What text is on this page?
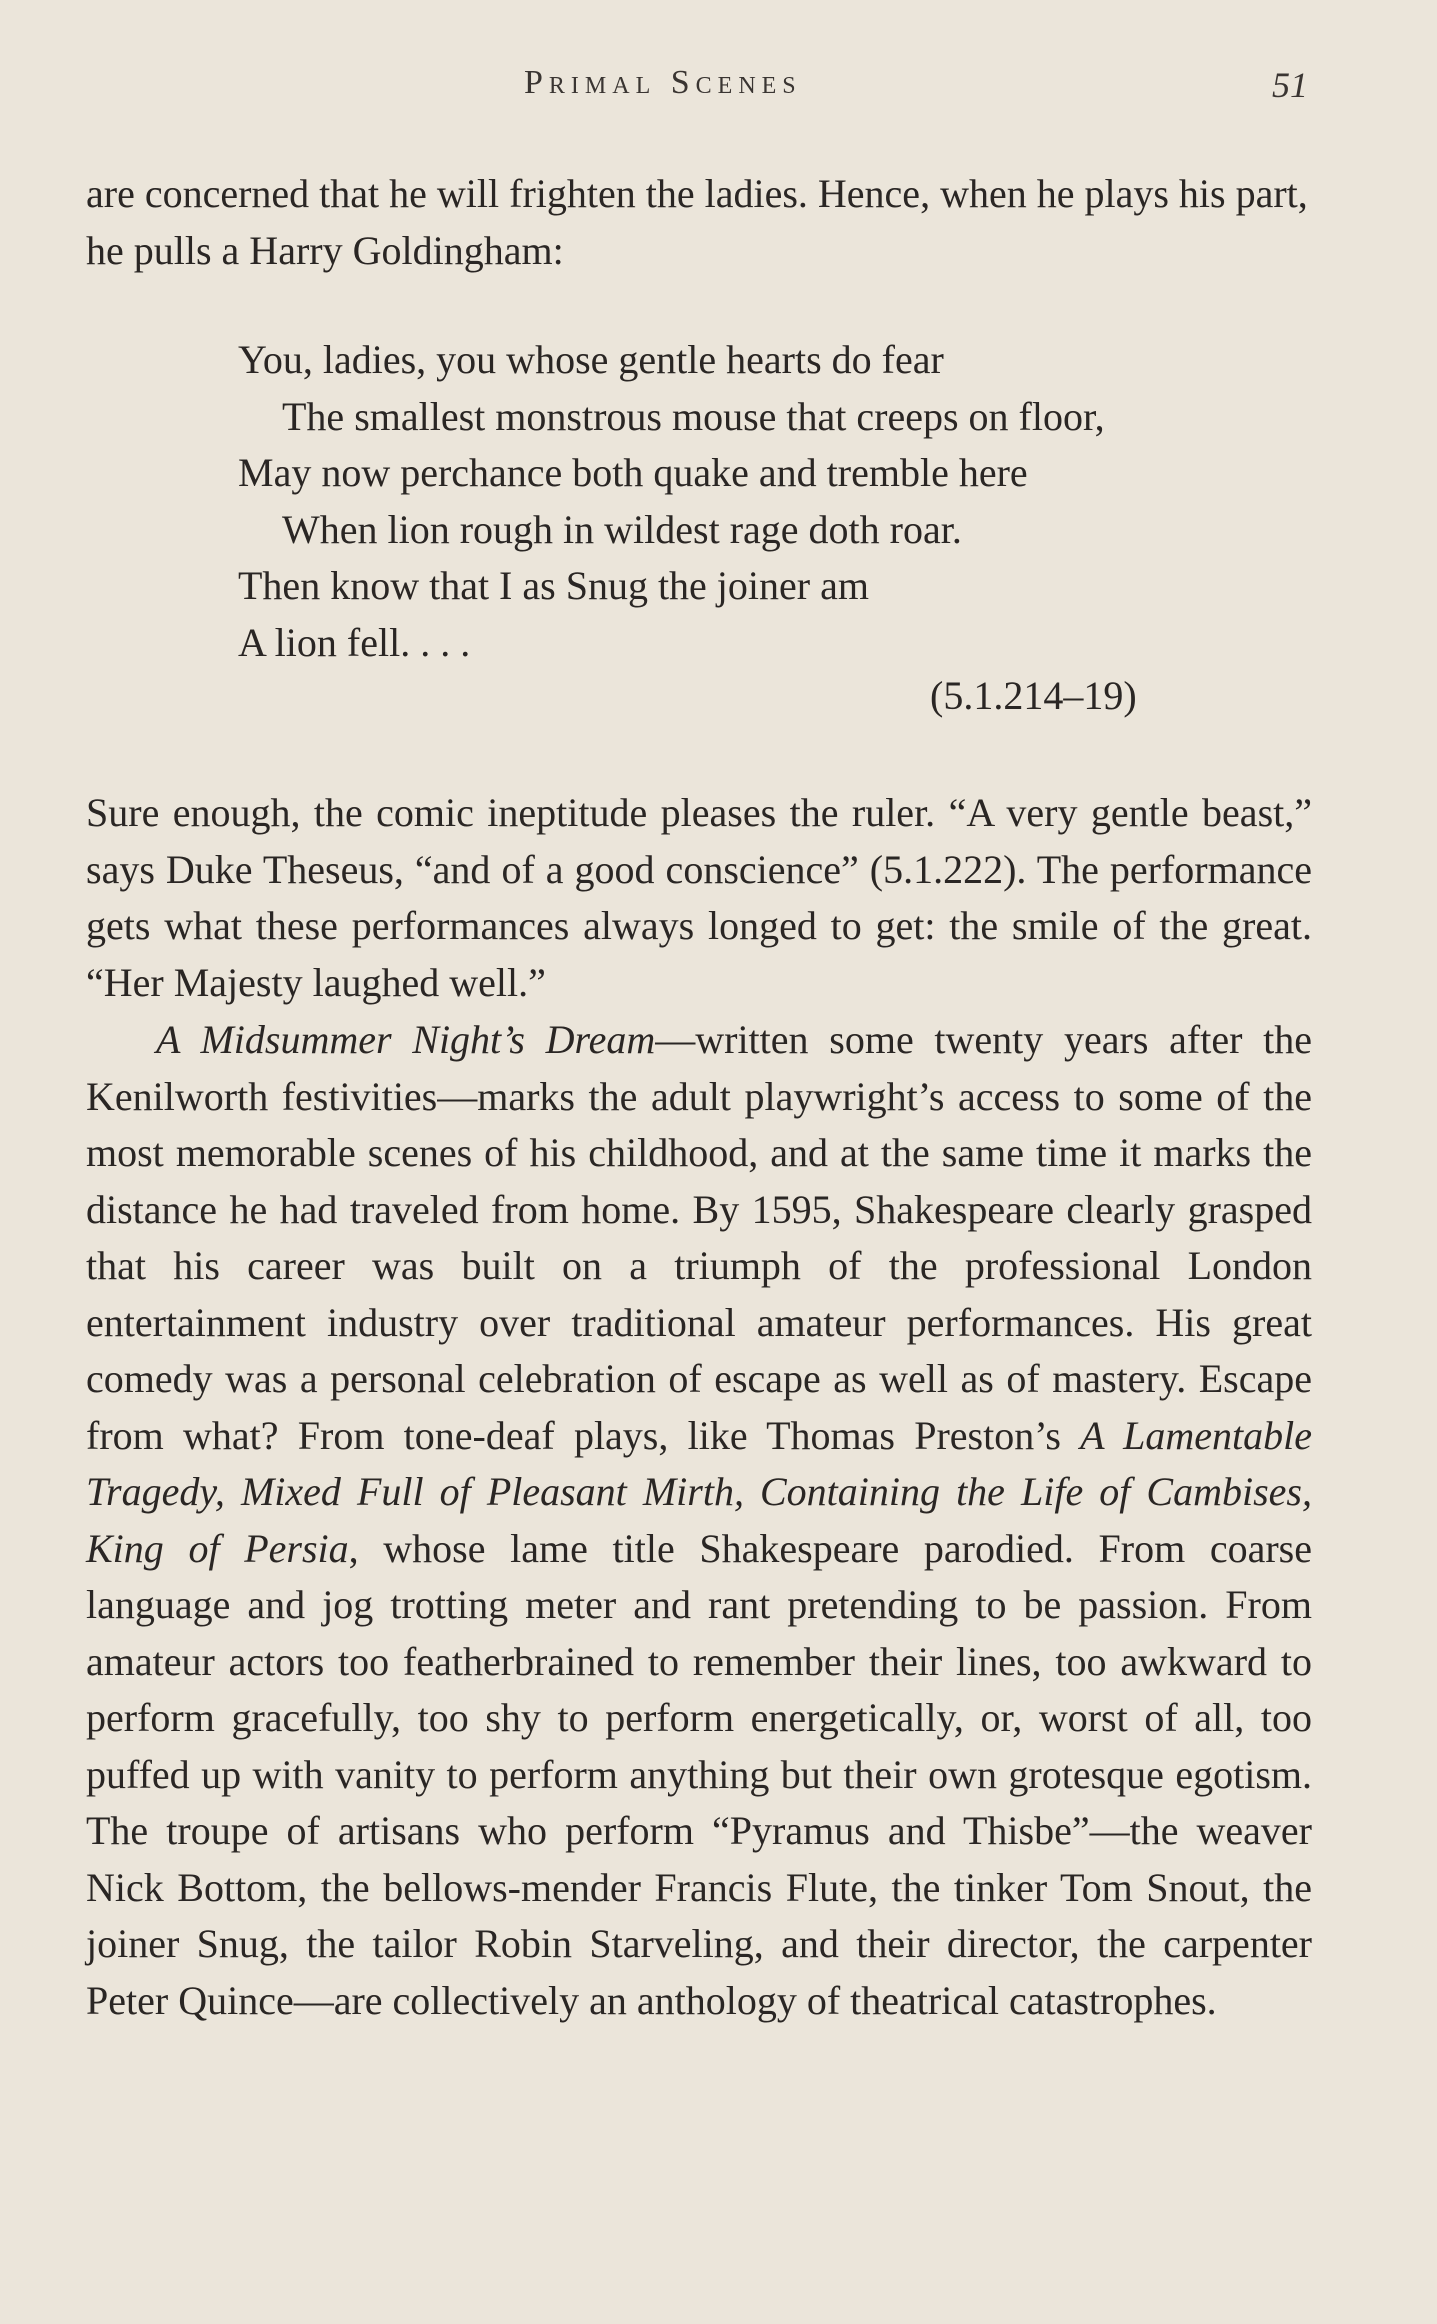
Primal Scenes	51

are concerned that he will frighten the ladies. Hence, when he plays his part, he pulls a Harry Goldingham:

You, ladies, you whose gentle hearts do fear
The smallest monstrous mouse that creeps on floor,
May now perchance both quake and tremble here
When lion rough in wildest rage doth roar.
Then know that I as Snug the joiner am
A lion fell. . . .
(5.1.214–19)

Sure enough, the comic ineptitude pleases the ruler. “A very gentle beast,” says Duke Theseus, “and of a good conscience” (5.1.222). The performance gets what these performances always longed to get: the smile of the great. “Her Majesty laughed well.”

A Midsummer Night’s Dream—written some twenty years after the Kenilworth festivities—marks the adult playwright’s access to some of the most memorable scenes of his childhood, and at the same time it marks the distance he had traveled from home. By 1595, Shakespeare clearly grasped that his career was built on a triumph of the professional London entertainment industry over traditional amateur performances. His great comedy was a personal celebration of escape as well as of mastery. Escape from what? From tone-deaf plays, like Thomas Preston’s A Lamentable Tragedy, Mixed Full of Pleasant Mirth, Containing the Life of Cambises, King of Persia, whose lame title Shakespeare parodied. From coarse language and jog trotting meter and rant pretending to be passion. From amateur actors too featherbrained to remember their lines, too awkward to perform gracefully, too shy to perform energetically, or, worst of all, too puffed up with vanity to perform anything but their own grotesque egotism. The troupe of artisans who perform “Pyramus and Thisbe”—the weaver Nick Bottom, the bellows-mender Francis Flute, the tinker Tom Snout, the joiner Snug, the tailor Robin Starveling, and their director, the carpenter Peter Quince—are collectively an anthology of theatrical catastrophes.
